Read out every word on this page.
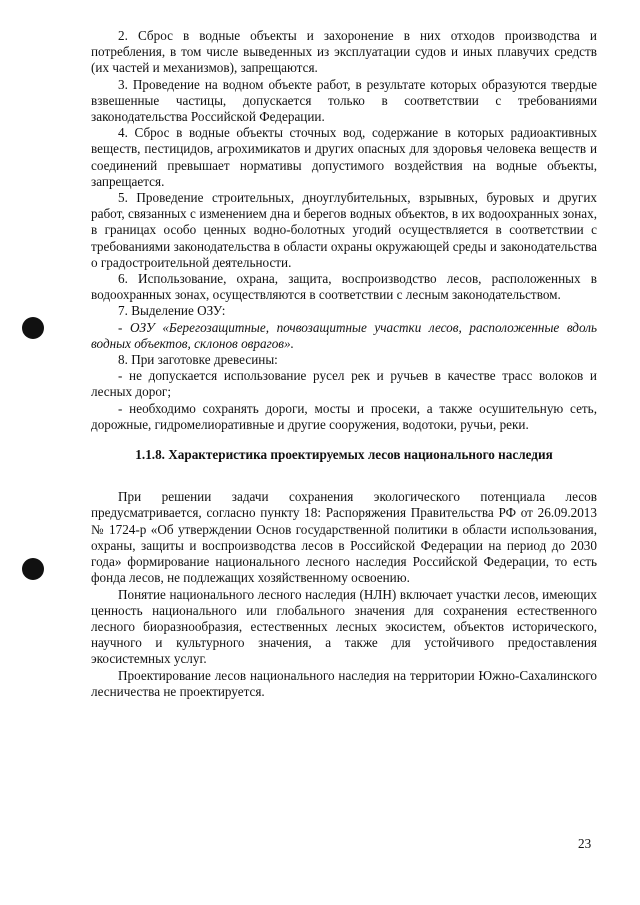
2. Сброс в водные объекты и захоронение в них отходов производства и потребления, в том числе выведенных из эксплуатации судов и иных плавучих средств (их частей и механизмов), запрещаются.

3. Проведение на водном объекте работ, в результате которых образуются твердые взвешенные частицы, допускается только в соответствии с требованиями законодательства Российской Федерации.

4. Сброс в водные объекты сточных вод, содержание в которых радиоактивных веществ, пестицидов, агрохимикатов и других опасных для здоровья человека веществ и соединений превышает нормативы допустимого воздействия на водные объекты, запрещается.

5. Проведение строительных, дноуглубительных, взрывных, буровых и других работ, связанных с изменением дна и берегов водных объектов, в их водоохранных зонах, в границах особо ценных водно-болотных угодий осуществляется в соответствии с требованиями законодательства в области охраны окружающей среды и законодательства о градостроительной деятельности.

6. Использование, охрана, защита, воспроизводство лесов, расположенных в водоохранных зонах, осуществляются в соответствии с лесным законодательством.

7. Выделение ОЗУ:

- ОЗУ «Берегозащитные, почвозащитные участки лесов, расположенные вдоль водных объектов, склонов оврагов».

8. При заготовке древесины:

- не допускается использование русел рек и ручьев в качестве трасс волоков и лесных дорог;

- необходимо сохранять дороги, мосты и просеки, а также осушительную сеть, дорожные, гидромелиоративные и другие сооружения, водотоки, ручьи, реки.

1.1.8. Характеристика проектируемых лесов национального наследия

При решении задачи сохранения экологического потенциала лесов предусматривается, согласно пункту 18: Распоряжения Правительства РФ от 26.09.2013 № 1724-р «Об утверждении Основ государственной политики в области использования, охраны, защиты и воспроизводства лесов в Российской Федерации на период до 2030 года» формирование национального лесного наследия Российской Федерации, то есть фонда лесов, не подлежащих хозяйственному освоению.

Понятие национального лесного наследия (НЛН) включает участки лесов, имеющих ценность национального или глобального значения для сохранения естественного лесного биоразнообразия, естественных лесных экосистем, объектов исторического, научного и культурного значения, а также для устойчивого предоставления экосистемных услуг.

Проектирование лесов национального наследия на территории Южно-Сахалинского лесничества не проектируется.

23
